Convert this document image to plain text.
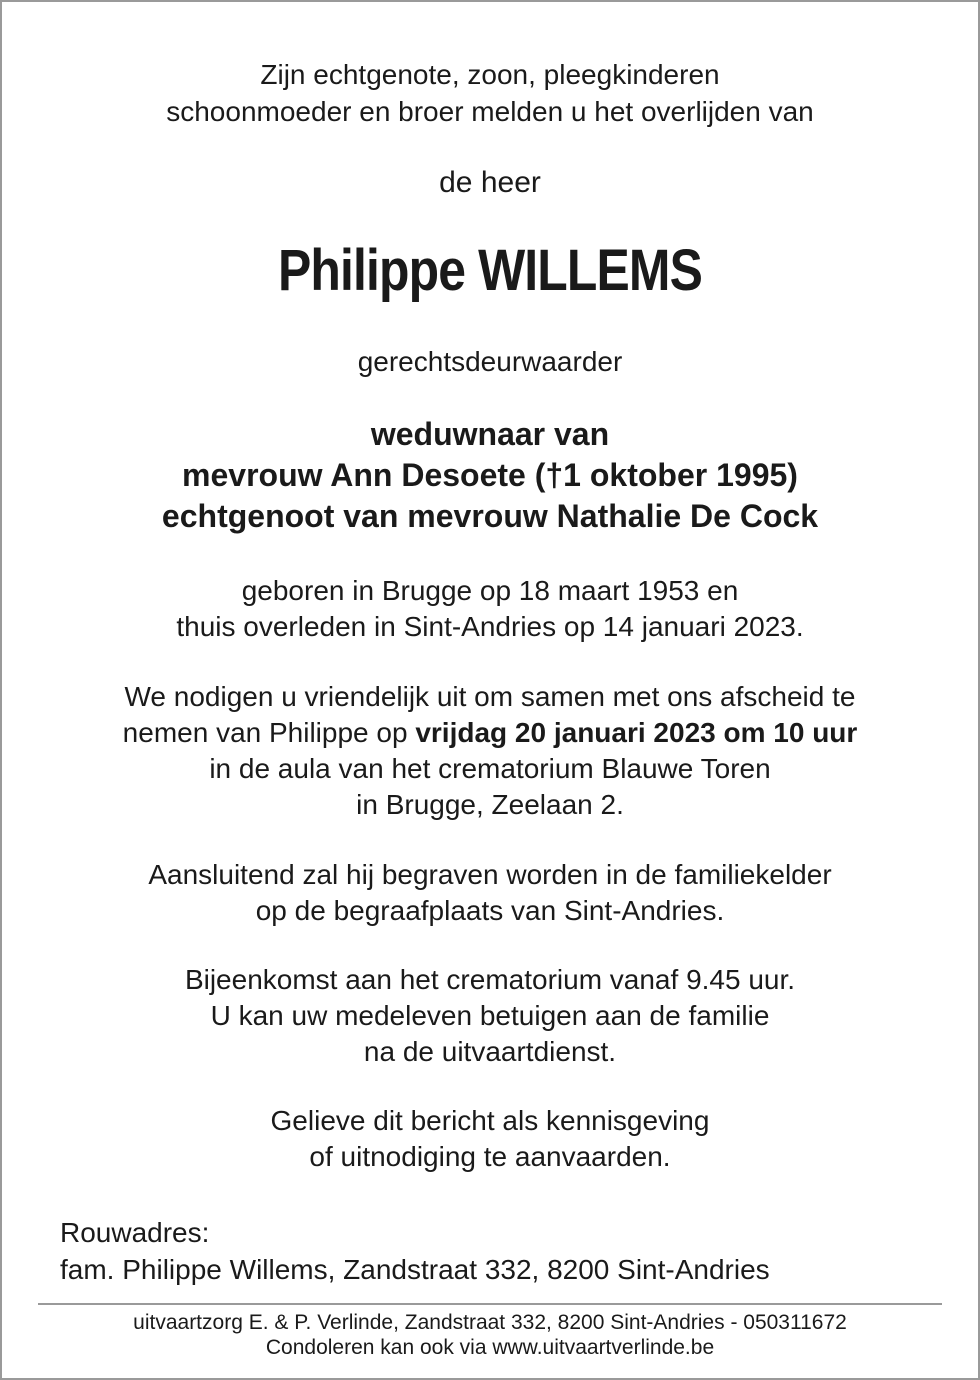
Zijn echtgenote, zoon, pleegkinderen
schoonmoeder en broer melden u het overlijden van
de heer
Philippe WILLEMS
gerechtsdeurwaarder
weduwnaar van
mevrouw Ann Desoete (†1 oktober 1995)
echtgenoot van mevrouw Nathalie De Cock
geboren in Brugge op 18 maart 1953 en
thuis overleden in Sint-Andries op 14 januari 2023.
We nodigen u vriendelijk uit om samen met ons afscheid te
nemen van Philippe op vrijdag 20 januari 2023 om 10 uur
in de aula van het crematorium Blauwe Toren
in Brugge, Zeelaan 2.
Aansluitend zal hij begraven worden in de familiekelder
op de begraafplaats van Sint-Andries.
Bijeenkomst aan het crematorium vanaf 9.45 uur.
U kan uw medeleven betuigen aan de familie
na de uitvaartdienst.
Gelieve dit bericht als kennisgeving
of uitnodiging te aanvaarden.
Rouwadres:
fam. Philippe Willems, Zandstraat 332, 8200 Sint-Andries
uitvaartzorg E. & P. Verlinde, Zandstraat 332, 8200 Sint-Andries - 050311672
Condoleren kan ook via www.uitvaartverlinde.be
